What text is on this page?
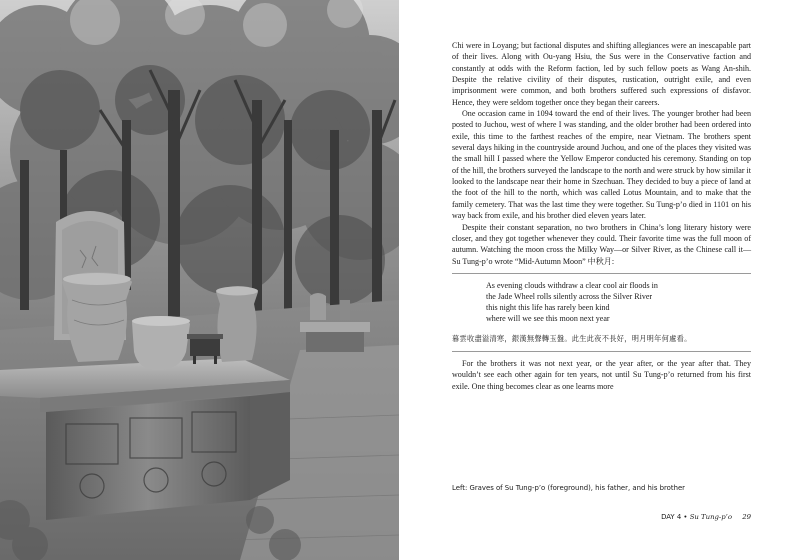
Chi were in Loyang; but factional disputes and shifting allegiances were an inescapable part of their lives. Along with Ou-yang Hsiu, the Sus were in the Conservative faction and constantly at odds with the Reform faction, led by such fellow poets as Wang An-shih. Despite the relative civility of their disputes, rustication, outright exile, and even imprisonment were common, and both brothers suffered such expressions of disfavor. Hence, they were seldom together once they began their careers.

One occasion came in 1094 toward the end of their lives. The younger brother had been posted to Juchou, west of where I was standing, and the older brother had been ordered into exile, this time to the farthest reaches of the empire, near Vietnam. The brothers spent several days hiking in the countryside around Juchou, and one of the places they visited was the small hill I passed where the Yellow Emperor conducted his ceremony. Standing on top of the hill, the brothers surveyed the landscape to the north and were struck by how similar it looked to the landscape near their home in Szechuan. They decided to buy a piece of land at the foot of the hill to the north, which was called Lotus Mountain, and to make that the family cemetery. That was the last time they were together. Su Tung-p’o died in 1101 on his way back from exile, and his brother died eleven years later.

Despite their constant separation, no two brothers in China’s long literary history were closer, and they got together whenever they could. Their favorite time was the full moon of autumn. Watching the moon cross the Milky Way—or Silver River, as the Chinese call it—Su Tung-p’o wrote “Mid-Autumn Moon” 中秋月:

As evening clouds withdraw a clear cool air floods in
the Jade Wheel rolls silently across the Silver River
this night this life has rarely been kind
where will we see this moon next year
暮雲收盡溢清寒，銀漢無聲轉玉盤。此生此夜不長好，明月明年何處看。

For the brothers it was not next year, or the year after, or the year after that. They wouldn’t see each other again for ten years, not until Su Tung-p’o returned from his first exile. One thing becomes clear as one learns more

Left: Graves of Su Tung-p’o (foreground), his father, and his brother
DAY 4 • Su Tung-p’o 29
